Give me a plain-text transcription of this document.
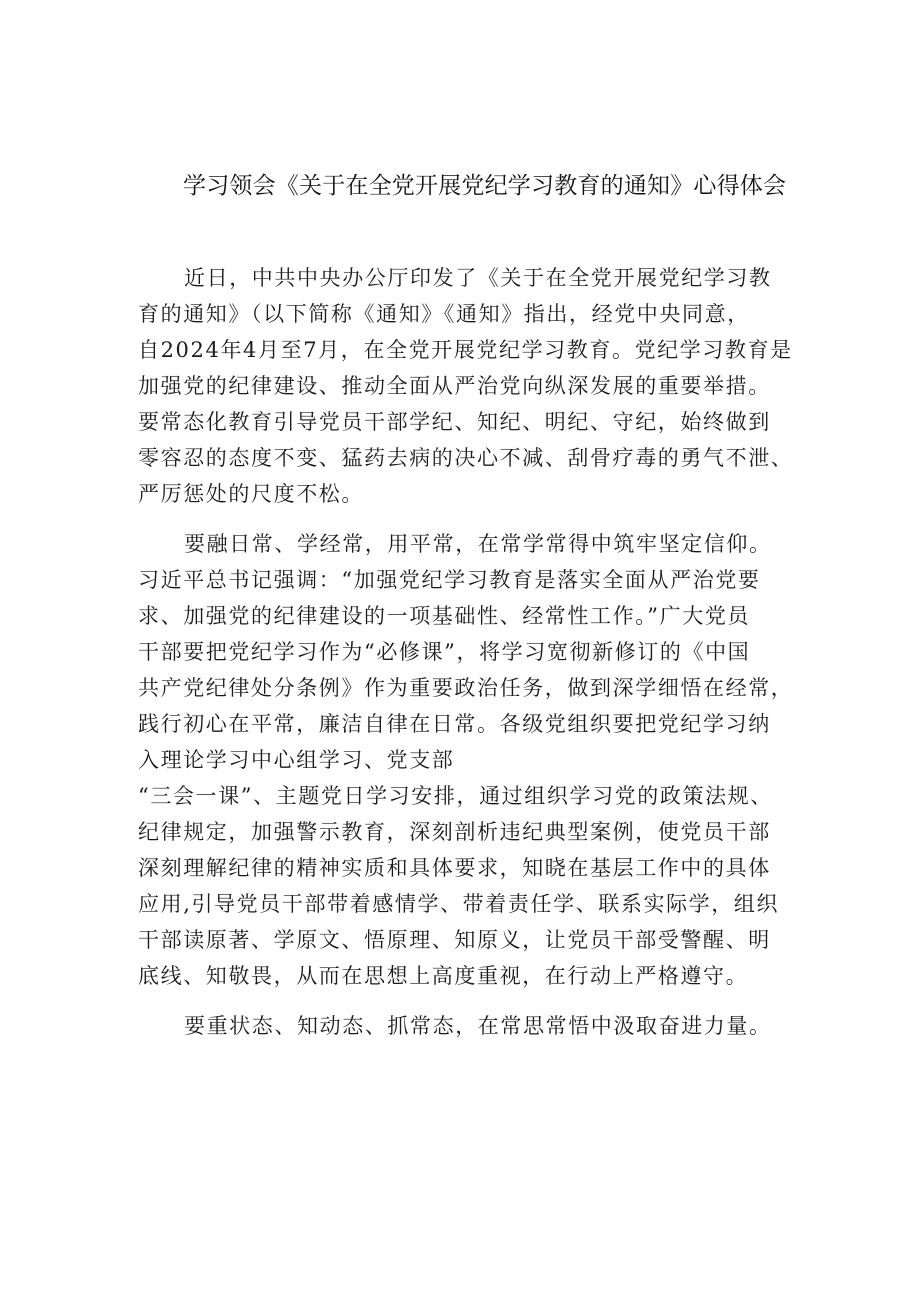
学习领会《关于在全党开展党纪学习教育的通知》心得体会
近日，中共中央办公厅印发了《关于在全党开展党纪学习教
育的通知》（以下简称《通知》《通知》指出，经党中央同意，
自2024年4月至7月，在全党开展党纪学习教育。党纪学习教育是
加强党的纪律建设、推动全面从严治党向纵深发展的重要举措。
要常态化教育引导党员干部学纪、知纪、明纪、守纪，始终做到
零容忍的态度不变、猛药去病的决心不减、刮骨疗毒的勇气不泄、
严厉惩处的尺度不松。
要融日常、学经常，用平常，在常学常得中筑牢坚定信仰。
习近平总书记强调：“加强党纪学习教育是落实全面从严治党要
求、加强党的纪律建设的一项基础性、经常性工作。”广大党员
干部要把党纪学习作为“必修课”，将学习宽彻新修订的《中国
共产党纪律处分条例》作为重要政治任务，做到深学细悟在经常，
践行初心在平常，廉洁自律在日常。各级党组织要把党纪学习纳
入理论学习中心组学习、党支部
“三会一课”、主题党日学习安排，通过组织学习党的政策法规、
纪律规定，加强警示教育，深刻剖析违纪典型案例，使党员干部
深刻理解纪律的精神实质和具体要求，知晓在基层工作中的具体
应用,引导党员干部带着感情学、带着责任学、联系实际学，组织
干部读原著、学原文、悟原理、知原义，让党员干部受警醒、明
底线、知敬畏，从而在思想上高度重视，在行动上严格遵守。
要重状态、知动态、抓常态，在常思常悟中汲取奋进力量。
